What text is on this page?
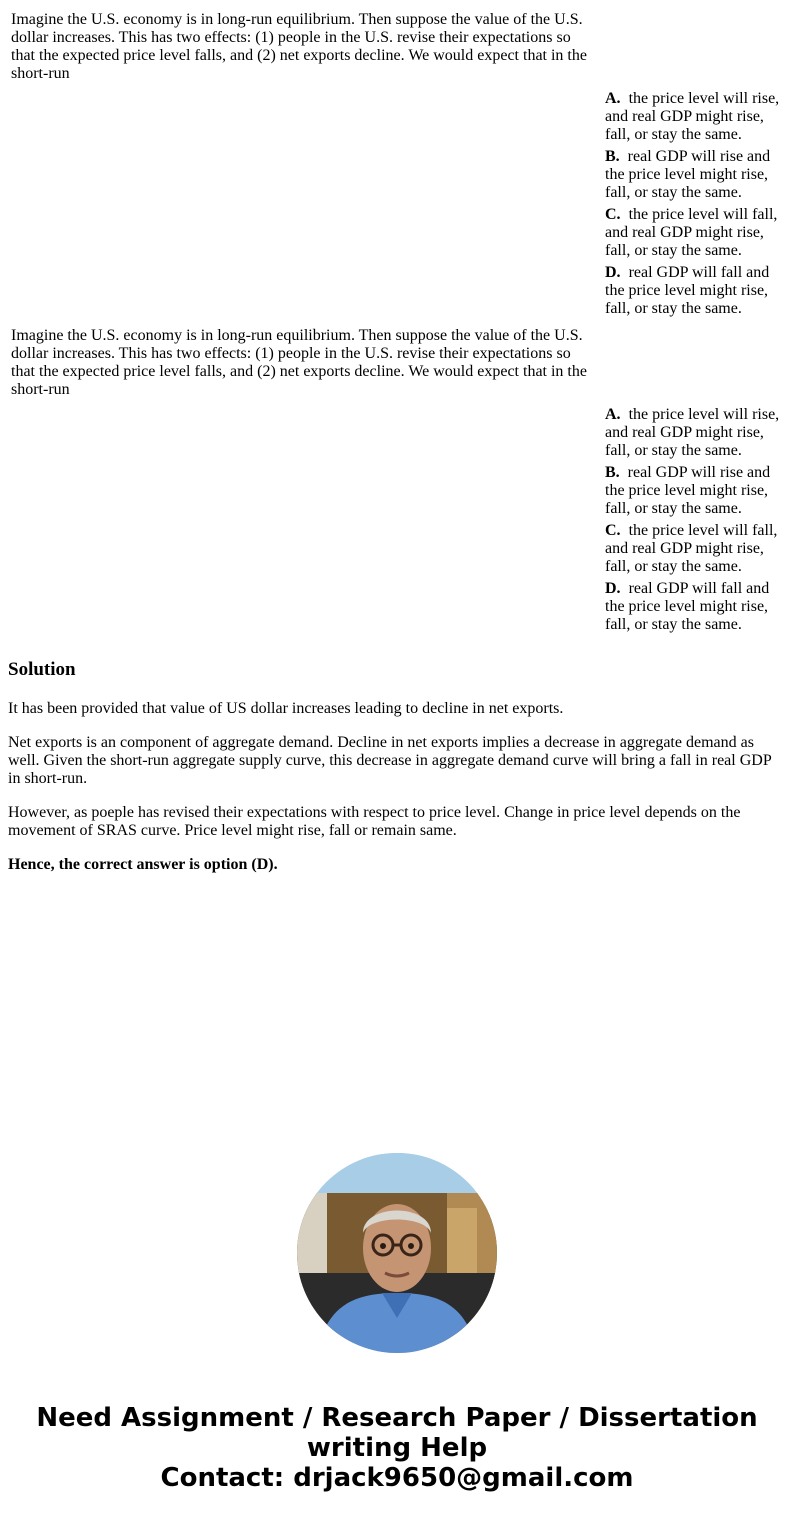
Imagine the U.S. economy is in long-run equilibrium. Then suppose the value of the U.S. dollar increases. This has two effects: (1) people in the U.S. revise their expectations so that the expected price level falls, and (2) net exports decline. We would expect that in the short-run

A. the price level will rise, and real GDP might rise, fall, or stay the same.
B. real GDP will rise and the price level might rise, fall, or stay the same.
C. the price level will fall, and real GDP might rise, fall, or stay the same.
D. real GDP will fall and the price level might rise, fall, or stay the same.

Imagine the U.S. economy is in long-run equilibrium. Then suppose the value of the U.S. dollar increases. This has two effects: (1) people in the U.S. revise their expectations so that the expected price level falls, and (2) net exports decline. We would expect that in the short-run

A. the price level will rise, and real GDP might rise, fall, or stay the same.
B. real GDP will rise and the price level might rise, fall, or stay the same.
C. the price level will fall, and real GDP might rise, fall, or stay the same.
D. real GDP will fall and the price level might rise, fall, or stay the same.
Solution

It has been provided that value of US dollar increases leading to decline in net exports.

Net exports is an component of aggregate demand. Decline in net exports implies a decrease in aggregate demand as well. Given the short-run aggregate supply curve, this decrease in aggregate demand curve will bring a fall in real GDP in short-run.

However, as poeple has revised their expectations with respect to price level. Change in price level depends on the movement of SRAS curve. Price level might rise, fall or remain same.

Hence, the correct answer is option (D).

Need Assignment / Research Paper / Dissertation
writing Help
Contact: drjack9650@gmail.com
